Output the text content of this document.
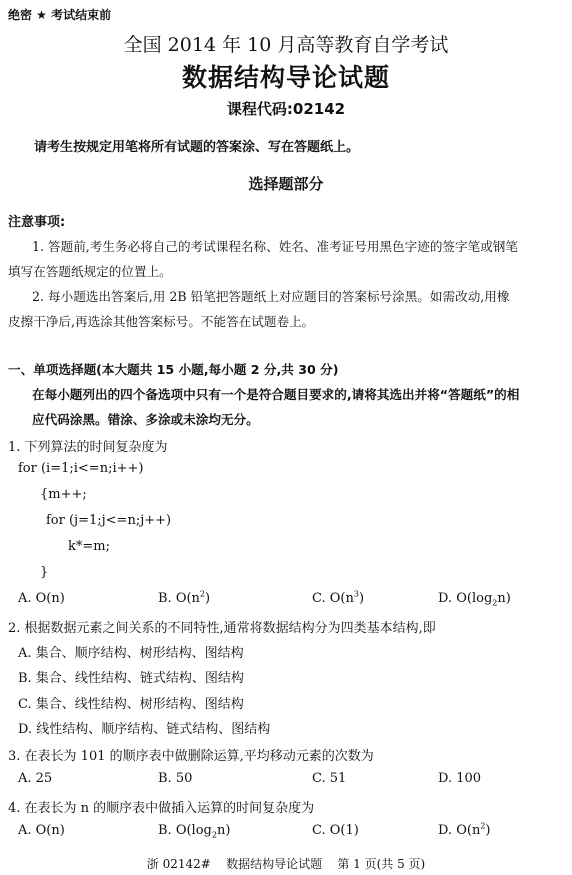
绝密 ★ 考试结束前
全国 2014 年 10 月高等教育自学考试
数据结构导论试题
课程代码:02142
请考生按规定用笔将所有试题的答案涂、写在答题纸上。
选择题部分
注意事项:
1. 答题前,考生务必将自己的考试课程名称、姓名、准考证号用黑色字迹的签字笔或钢笔
填写在答题纸规定的位置上。
2. 每小题选出答案后,用 2B 铅笔把答题纸上对应题目的答案标号涂黑。如需改动,用橡
皮擦干净后,再选涂其他答案标号。不能答在试题卷上。
一、单项选择题(本大题共 15 小题,每小题 2 分,共 30 分)
在每小题列出的四个备选项中只有一个是符合题目要求的,请将其选出并将“答题纸”的相
应代码涂黑。错涂、多涂或未涂均无分。
1. 下列算法的时间复杂度为
for (i=1;i<=n;i++)
{m++;
for (j=1;j<=n;j++)
k*=m;
}
A. O(n)	B. $O(n^2)$	C. $O(n^3)$	D. $O(\log_2n)$
2. 根据数据元素之间关系的不同特性,通常将数据结构分为四类基本结构,即
A. 集合、顺序结构、树形结构、图结构
B. 集合、线性结构、链式结构、图结构
C. 集合、线性结构、树形结构、图结构
D. 线性结构、顺序结构、链式结构、图结构
3. 在表长为 101 的顺序表中做删除运算,平均移动元素的次数为
A. 25	B. 50	C. 51	D. 100
4. 在表长为 n 的顺序表中做插入运算的时间复杂度为
A. O(n)	B. $O(\log_2n)$	C. O(1)	D. $O(n^2)$
浙 02142#    数据结构导论试题    第 1 页(共 5 页)
